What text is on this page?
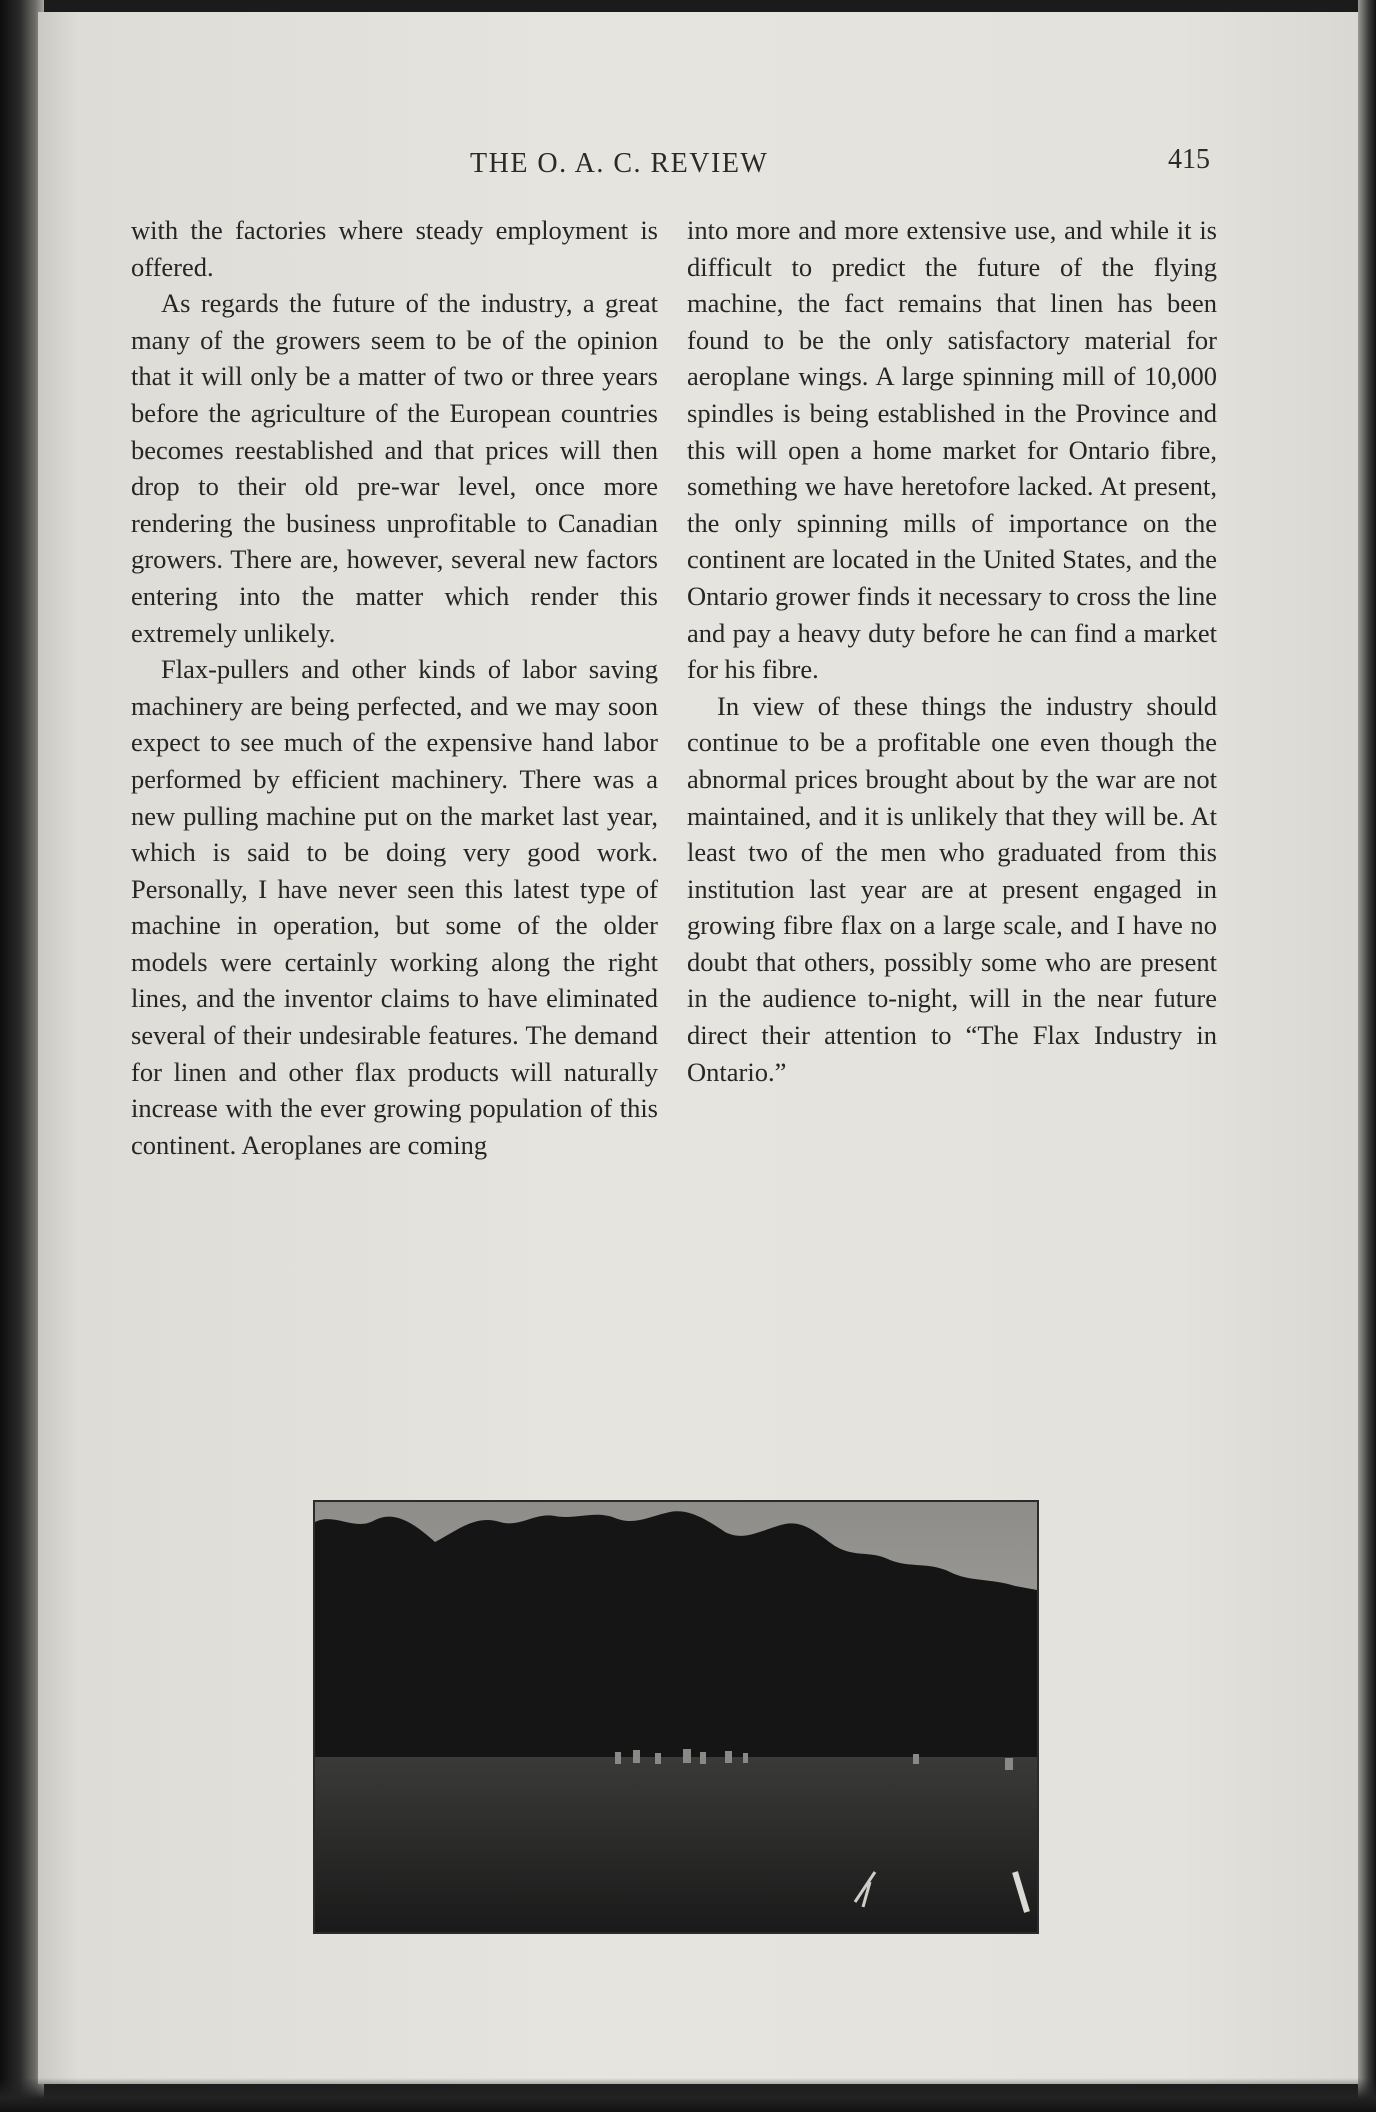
THE O. A. C. REVIEW	415

with the factories where steady employment is offered.

As regards the future of the industry, a great many of the growers seem to be of the opinion that it will only be a matter of two or three years before the agriculture of the European countries becomes reestablished and that prices will then drop to their old pre-war level, once more rendering the business unprofitable to Canadian growers. There are, however, several new factors entering into the matter which render this extremely unlikely.

Flax-pullers and other kinds of labor saving machinery are being perfected, and we may soon expect to see much of the expensive hand labor performed by efficient machinery. There was a new pulling machine put on the market last year, which is said to be doing very good work. Personally, I have never seen this latest type of machine in operation, but some of the older models were certainly working along the right lines, and the inventor claims to have eliminated several of their undesirable features. The demand for linen and other flax products will naturally increase with the ever growing population of this continent. Aeroplanes are coming

into more and more extensive use, and while it is difficult to predict the future of the flying machine, the fact remains that linen has been found to be the only satisfactory material for aeroplane wings. A large spinning mill of 10,000 spindles is being established in the Province and this will open a home market for Ontario fibre, something we have heretofore lacked. At present, the only spinning mills of importance on the continent are located in the United States, and the Ontario grower finds it necessary to cross the line and pay a heavy duty before he can find a market for his fibre.

In view of these things the industry should continue to be a profitable one even though the abnormal prices brought about by the war are not maintained, and it is unlikely that they will be. At least two of the men who graduated from this institution last year are at present engaged in growing fibre flax on a large scale, and I have no doubt that others, possibly some who are present in the audience to-night, will in the near future direct their attention to “The Flax Industry in Ontario.”
